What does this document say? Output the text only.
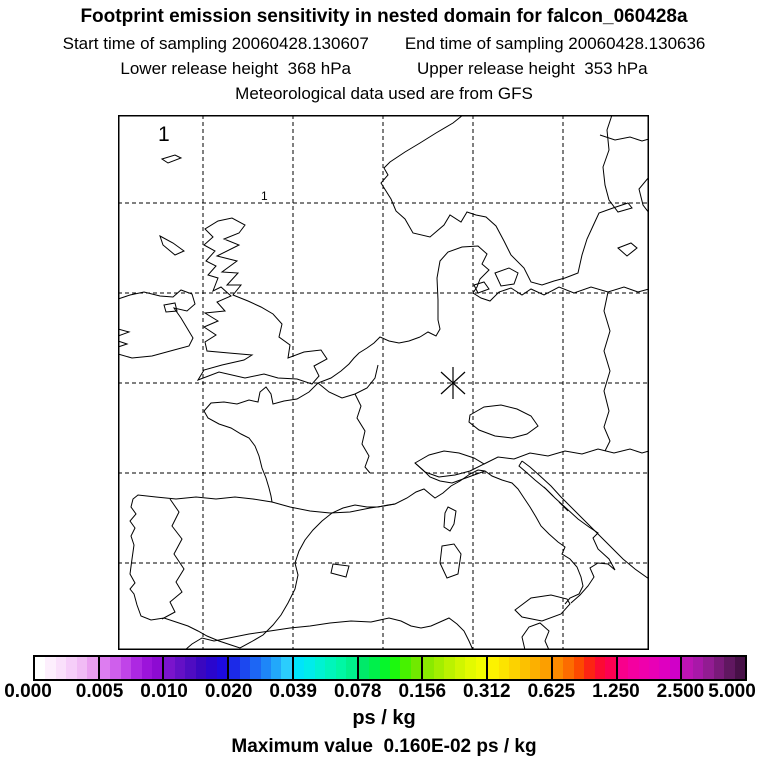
Footprint emission sensitivity in nested domain for falcon_060428a
Start time of sampling 20060428.130607 End time of sampling 20060428.130636
Lower release height  368 hPa	Upper release height  353 hPa
Meteorological data used are from GFS
1
1
0.000 0.005 0.010 0.020 0.039 0.078 0.156 0.312 0.625 1.250 2.500 5.000
ps / kg
Maximum value  0.160E-02 ps / kg
